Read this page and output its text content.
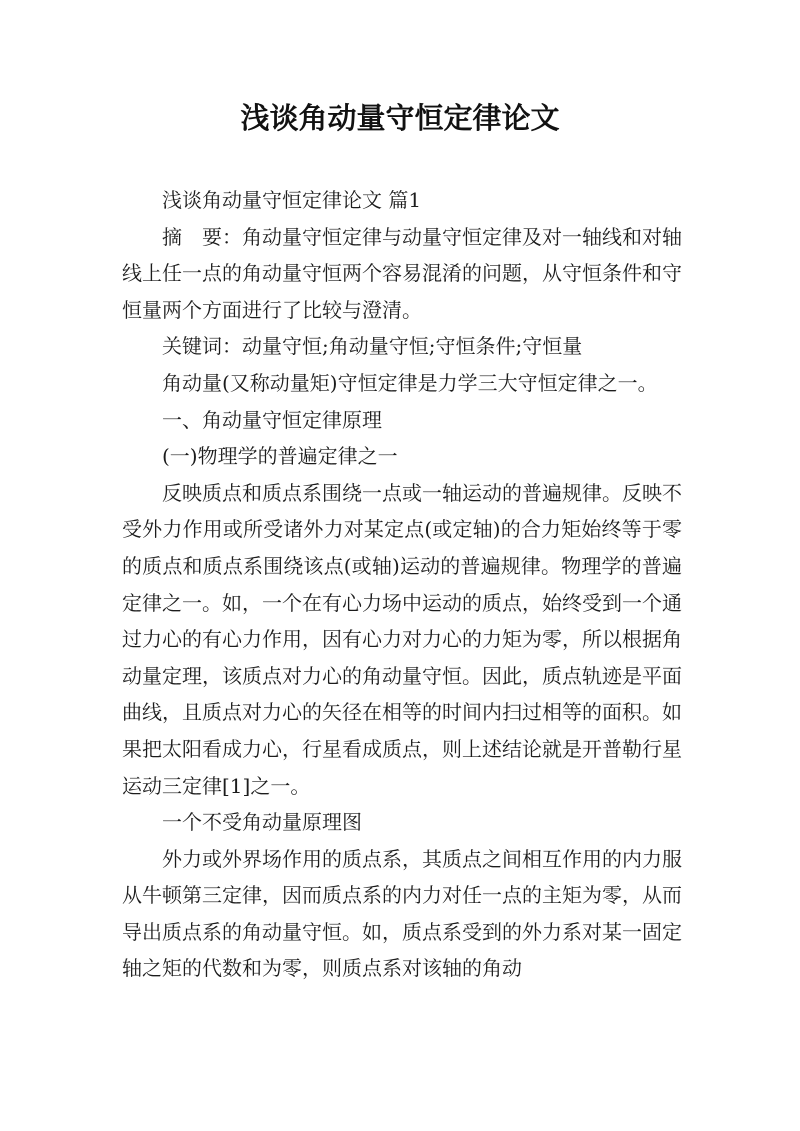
浅谈角动量守恒定律论文

浅谈角动量守恒定律论文 篇1

摘　要：角动量守恒定律与动量守恒定律及对一轴线和对轴线上任一点的角动量守恒两个容易混淆的问题，从守恒条件和守恒量两个方面进行了比较与澄清。

关键词：动量守恒;角动量守恒;守恒条件;守恒量

角动量(又称动量矩)守恒定律是力学三大守恒定律之一。

一、角动量守恒定律原理

(一)物理学的普遍定律之一

反映质点和质点系围绕一点或一轴运动的普遍规律。反映不受外力作用或所受诸外力对某定点(或定轴)的合力矩始终等于零的质点和质点系围绕该点(或轴)运动的普遍规律。物理学的普遍定律之一。如，一个在有心力场中运动的质点，始终受到一个通过力心的有心力作用，因有心力对力心的力矩为零，所以根据角动量定理，该质点对力心的角动量守恒。因此，质点轨迹是平面曲线，且质点对力心的矢径在相等的时间内扫过相等的面积。如果把太阳看成力心，行星看成质点，则上述结论就是开普勒行星运动三定律[1]之一。

一个不受角动量原理图

外力或外界场作用的质点系，其质点之间相互作用的内力服从牛顿第三定律，因而质点系的内力对任一点的主矩为零，从而导出质点系的角动量守恒。如，质点系受到的外力系对某一固定轴之矩的代数和为零，则质点系对该轴的角动
